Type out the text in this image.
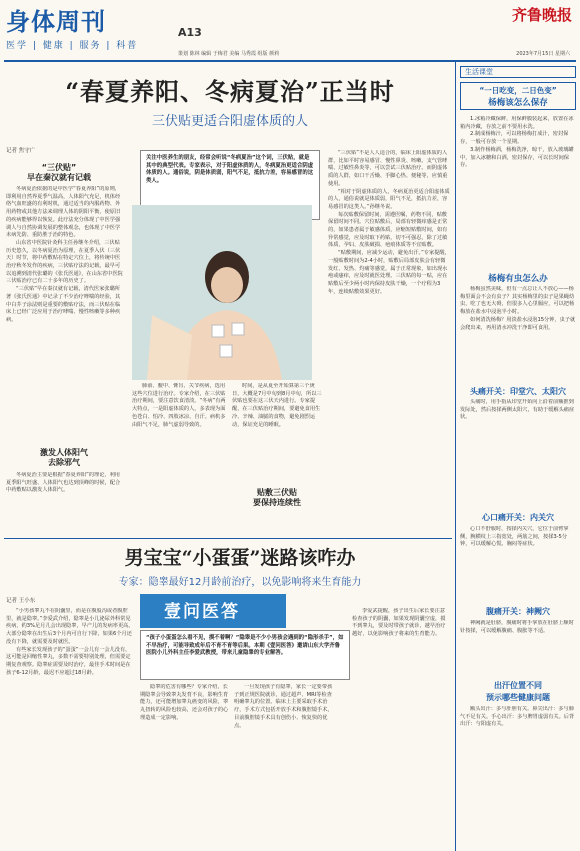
身体周刊	A13
医学 | 健康 | 服务 | 科普
齐鲁晚报
策划 陈林 编辑 于梅君 美编 马秀霞 组版 颜莉	2023年7月15日 星期六
“春夏养阳、冬病夏治”正当时
三伏贴更适合阳虚体质的人
记者 焦守广
“三伏贴”
早在秦汉就有记载

冬病夏治依据的是中医学“春夏养阳”的原则，即利用自然界夏季气温高，人体阳气充足，机体经络气血旺盛的有利时机，通过适当的内服药物、外用药物或其他方法来调理人体的阴阳平衡，使原旧的疾病能够得以恢复。此疗法充分体现了中医学强调人与自然协调发展的整体观念，也体现了中医学未病先防、重防胜于治的特色。

山东省中医院针灸科主任孙继冬介绍，三伏贴历史悠久，以冬病夏治为原理，在夏季入伏（三伏天）时节，将中药敷贴在特定穴位上，将传统中医治疗秋冬发作的疾病，三伏贴疗法的记载，最早可以追溯到清代张璐的《张氏医通》，在山东省中医院三伏贴治疗已有二十多年的历史了。

“三伏贴”早在秦汉就有记载，清代医家张璐所著《张氏医通》中记录了不少治疗哮喘的经验，其中白芥子涂法则是重要的敷贴疗法，而三伏贴在临床上已经广泛应用于治疗哮喘、慢性咳嗽等多种疾病。

激发人体阳气
去除邪气

冬病夏治主要是根据“春夏养阳”的理论，利用夏季阳气旺盛、人体阳气也达到顶峰的时候，配合中药敷贴以激发人体阳气。

关注中医养生的朋友，经常会听说“冬病夏治”这个词，三伏贴，就是其中的典型代表。专家表示，对于阳虚体质的人，冬病夏治更适合阴虚体质的人。通俗说，阴是体质弱，阳气不足，抵抗力差，容易感冒的这类人。

肺俞、膻中、膏肓、关节疾病，选用这些穴位进行治疗。专家介绍，在三伏贴治疗期间，要注意饮食清淡。“冬病”有两大特点，一是阳虚体质的人，多表现为面色苍白、怕冷、四肢冰凉、自汗。病机多由阳气不足，肺气虚弱导致的。

时间，是从夏至开始算第三个庚日，大概是7月中旬到8月中旬，所以三伏贴也要在这三伏天内进行。专家提醒，在三伏贴治疗期间，要避免食用生冷、辛辣、油腻的食物，避免剧烈运动，保证充足的睡眠。

贴敷三伏贴
要保持连续性

“三伏贴”不是人人适合的，临床上阳虚体质的人群，比如平时容易感冒、慢性鼻炎、咳嗽、支气管哮喘、过敏性鼻炎等，可以尝试三伏贴治疗。而阴虚体质的人群，如口干舌燥、手脚心热、便秘等，应慎重使用。

“相对于阴虚体质的人，冬病夏治更适合阳虚体质的人，通俗说就是体质弱，阳气不足，抵抗力差，容易感冒的这类人。”孙继冬说。

每次贴敷保留时间，需遵医嘱，药物不同，贴敷保留时间不同。穴位贴敷后，局部有轻微痒感是正常的，如果患者属于敏感体质，应缩短贴敷时间，如有异常感觉，应及时取下药贴，切不可强忍，除了过敏体质，孕妇、皮肤破损、疤痕体质等不宜贴敷。

“贴敷期间，应减少运动，避免出汗。”专家提醒，一般贴敷时间为2-4小时，贴敷后局部皮肤会有轻微发红、发热、灼痛等感觉，属于正常现象，如出现水疱或瘙痒，应及时就医处理。三伏贴的每一贴，应在贴敷后至少两小时内保持皮肤干燥，一个疗程为3年，连续贴敷效果更好。

男宝宝“小蛋蛋”迷路该咋办
专家：隐睾最好12月龄前治疗，以免影响将来生育能力
记者 王小东
壹问医答
“孩子小蛋蛋怎么看不见，摸不着啊？”隐睾是不少小男孩会遇到的“隐形杀手”，如不早治疗，可能导致成年后不育不育等后果。本期《壹问医答》邀请山东大学齐鲁医院小儿外科主任李爱武教授，带来儿童隐睾的专业解答。

“小男孩睾丸不在阴囊里，而是在腹股沟或者腹腔里，就是隐睾。”李爱武介绍，隐睾是小儿泌尿外科常见疾病，约3%足月儿会出现隐睾，早产儿的发病率更高。大部分隐睾在出生后3个月内可自行下降，如果6个月还没有下降，就需要及时就医。

有些家长发现孩子的“蛋蛋”一会儿有一会儿没有，这可能是回缩性睾丸，多数不需要特别处理，但需要定期复查观察。隐睾症需要及时治疗，最佳手术时间是在孩子6-12月龄，最迟不应超过18月龄。

隐睾的危害有哪些？专家介绍，长期隐睾会导致睾丸发育不良，影响生育能力，还可能增加睾丸癌变的风险，睾丸扭转的风险也较高，还会对孩子的心理造成一定影响。

一旦发现孩子有隐睾，家长一定要带孩子到正规医院就诊，通过超声、MRI等检查明确睾丸的位置。临床上主要采取手术治疗，手术方式包括开放手术和腹腔镜手术，目前腹腔镜手术具有创伤小、恢复快的优点。

李爱武提醒，孩子出生后家长要注意检查孩子的阴囊，如果发现阴囊空虚，摸不到睾丸，要及时带孩子就诊，越早治疗越好，以免影响孩子将来的生育能力。

生活课堂
“一日吃变，二日色变”
杨梅该怎么保存

1.冰箱冷藏保鲜，用保鲜膜装起来，放置在冰箱内冷藏，存放之前不要用水洗。

2.制成杨梅汁，可以将杨梅打成汁，密封保存，一般可存放一个星期。

3.制作杨梅酒，杨梅洗净，晾干，放入玻璃罐中，加入冰糖和白酒，密封保存，可以长时间保存。

杨梅有虫怎么办

杨梅虽然美味，但有一点总让人不放心——杨梅里面会不会有虫子？其实杨梅里的虫子是果蝇幼虫，吃了也无大碍，但很多人心里膈应，可以把杨梅放在盐水中浸泡半小时。

如何清洗杨梅？用淡盐水浸泡15分钟，虫子就会爬出来，再用清水冲洗干净即可食用。

头痛开关：印堂穴、太阳穴

头痛时，用手指从印堂开始向上沿着前额推到发际处，然后按揉两侧太阳穴，有助于缓解头痛症状。

心口痛开关：内关穴

心口不舒服时，按揉内关穴，它位于前臂掌侧，腕横纹上三指宽处，两筋之间，按揉3-5分钟，可以缓解心慌、胸闷等症状。

腹痛开关：神阙穴

神阙就是肚脐，腹痛时将手掌放在肚脐上顺时针按揉，可以缓解腹痛、腹胀等不适。

出汗位置不同
预示哪些健康问题

额头出汗：多与肝胆有关。鼻尖出汗：多与肺气不足有关。手心出汗：多与脾胃虚弱有关。后背出汗：与阳虚有关。
